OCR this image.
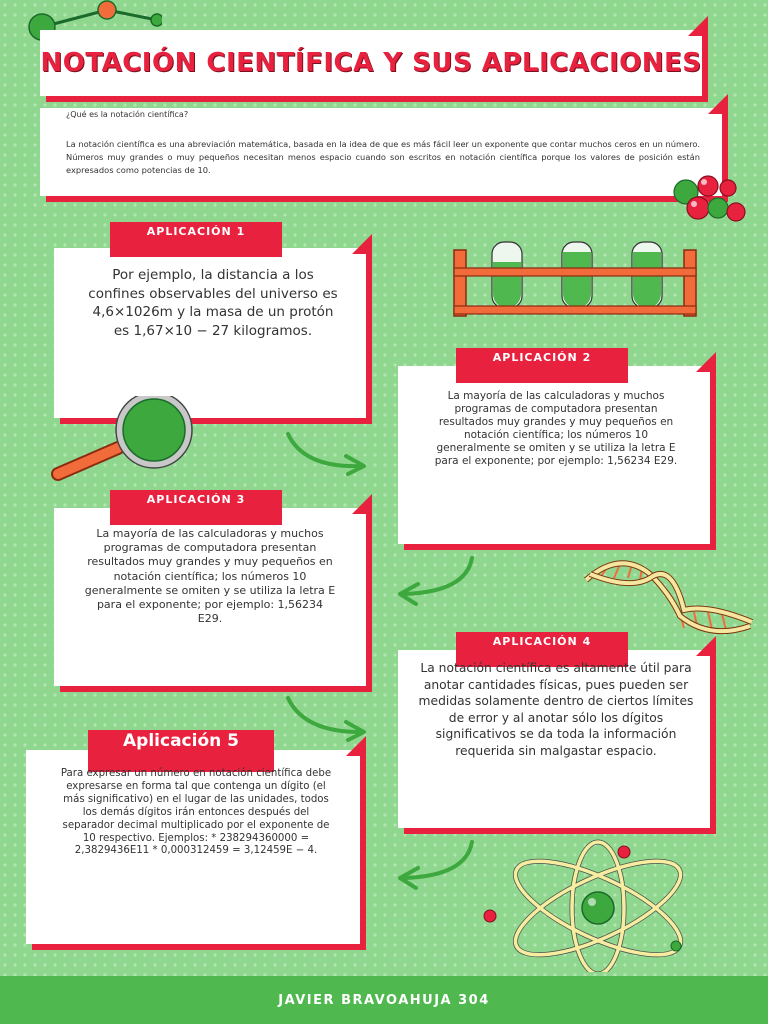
NOTACIÓN CIENTÍFICA Y SUS APLICACIONES
¿Qué es la notación científica?
La notación científica es una abreviación matemática, basada en la idea de que es más fácil leer un exponente que contar muchos ceros en un número. Números muy grandes o muy pequeños necesitan menos espacio cuando son escritos en notación científica porque los valores de posición están expresados como potencias de 10.
APLICACIÓN 1
Por ejemplo, la distancia a los confines observables del universo es 4,6×1026m y la masa de un protón es 1,67×10 − 27 kilogramos.
APLICACIÓN 2
La mayoría de las calculadoras y muchos programas de computadora presentan resultados muy grandes y muy pequeños en notación científica; los números 10 generalmente se omiten y se utiliza la letra E para el exponente; por ejemplo: 1,56234 E29.
APLICACIÓN 3
La mayoría de las calculadoras y muchos programas de computadora presentan resultados muy grandes y muy pequeños en notación científica; los números 10 generalmente se omiten y se utiliza la letra E para el exponente; por ejemplo: 1,56234 E29.
APLICACIÓN 4
La notación científica es altamente útil para anotar cantidades físicas, pues pueden ser medidas solamente dentro de ciertos límites de error y al anotar sólo los dígitos significativos se da toda la información requerida sin malgastar espacio.
Aplicación 5
Para expresar un número en notación científica debe expresarse en forma tal que contenga un dígito (el más significativo) en el lugar de las unidades, todos los demás dígitos irán entonces después del separador decimal multiplicado por el exponente de 10 respectivo. Ejemplos: * 238294360000 = 2,3829436E11 * 0,000312459 = 3,12459E − 4.
JAVIER BRAVOAHUJA 304
